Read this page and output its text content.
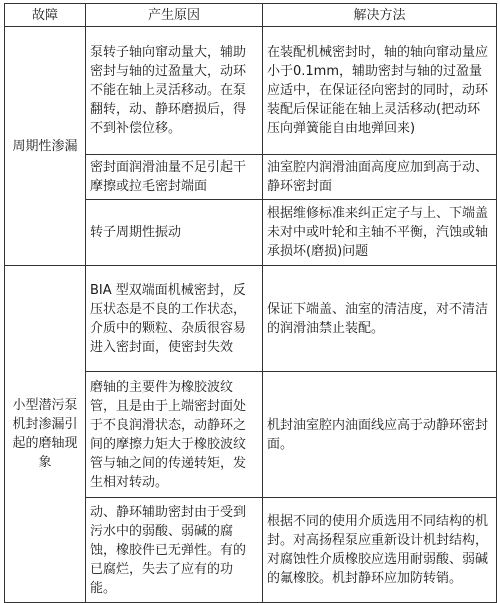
故障	产生原因	解决方法
周期性渗漏	泵转子轴向窜动量大，辅助密封与轴的过盈量大，动环不能在轴上灵活移动。在泵翻转，动、静环磨损后，得不到补偿位移。	在装配机械密封时，轴的轴向窜动量应小于0.1mm，辅助密封与轴的过盈量应适中，在保证径向密封的同时，动环装配后保证能在轴上灵活移动(把动环压向弹簧能自由地弹回来)
	密封面润滑油量不足引起干摩擦或拉毛密封端面	油室腔内润滑油面高度应加到高于动、静环密封面
	转子周期性振动	根据维修标准来纠正定子与上、下端盖未对中或叶轮和主轴不平衡，汽蚀或轴承损坏(磨损)问题
小型潜污泵机封渗漏引起的磨轴现象	BIA 型双端面机械密封，反压状态是不良的工作状态，介质中的颗粒、杂质很容易进入密封面，使密封失效	保证下端盖、油室的清洁度，对不清洁的润滑油禁止装配。
	磨轴的主要件为橡胶波纹管，且是由于上端密封面处于不良润滑状态，动静环之间的摩擦力矩大于橡胶波纹管与轴之间的传递转矩，发生相对转动。	机封油室腔内油面线应高于动静环密封面。
	动、静环辅助密封由于受到污水中的弱酸、弱碱的腐蚀，橡胶件已无弹性。有的已腐烂，失去了应有的功能。	根据不同的使用介质选用不同结构的机封。对高扬程泵应重新设计机封结构，对腐蚀性介质橡胶应选用耐弱酸、弱碱的氟橡胶。机封静环应加防转销。
